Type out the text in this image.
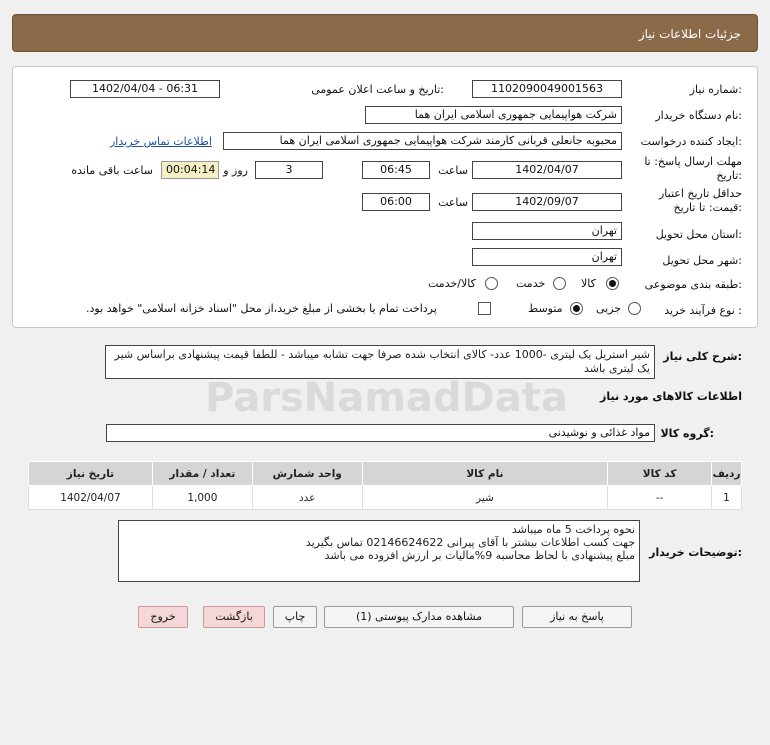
جزئیات اطلاعات نیاز
شماره نیاز:
1102090049001563
تاریخ و ساعت اعلان عمومی:
1402/04/04 - 06:31
نام دستگاه خریدار:
شرکت هواپیمایی جمهوری اسلامی ایران هما
ایجاد کننده درخواست:
محبوبه جانعلی قربانی کارمند شرکت هواپیمایی جمهوری اسلامی ایران هما
اطلاعات تماس خریدار
مهلت ارسال پاسخ: تا
تاریخ:
1402/04/07
ساعت
06:45
3
روز و
00:04:14
ساعت باقی مانده
حداقل تاریخ اعتبار
قیمت: تا تاریخ:
1402/09/07
ساعت
06:00
استان محل تحویل:
تهران
شهر محل تحویل:
تهران
طبقه بندی موضوعی:
کالا
خدمت
کالا/خدمت
نوع فرآیند خرید :
جزیی
متوسط
پرداخت تمام یا بخشی از مبلغ خرید،از محل "اسناد خزانه اسلامی" خواهد بود.
شرح کلی نیاز:
شیر استریل یک لیتری -1000 عدد- کالای انتخاب شده صرفا جهت تشابه میباشد - للطفا قیمت پیشنهادی براساس شیر یک لیتری باشد
اطلاعات کالاهای مورد نیاز
گروه کالا:
مواد غذائی و نوشیدنی
ردیف	کد کالا	نام کالا	واحد شمارش	تعداد / مقدار	تاریخ نیاز
1	--	شیر	عدد	1,000	1402/04/07
توضیحات خریدار:
نحوه پرداخت 5 ماه میباشد
جهت کسب اطلاعات بیشتر با آقای پیرانی 02146624622 تماس بگیرید
مبلغ پیشنهادی با لحاظ محاسبه 9%مالیات بر ارزش افزوده می باشد
ParsNamadData
پاسخ به نیاز
مشاهده مدارک پیوستی (1)
چاپ
بازگشت
خروج
